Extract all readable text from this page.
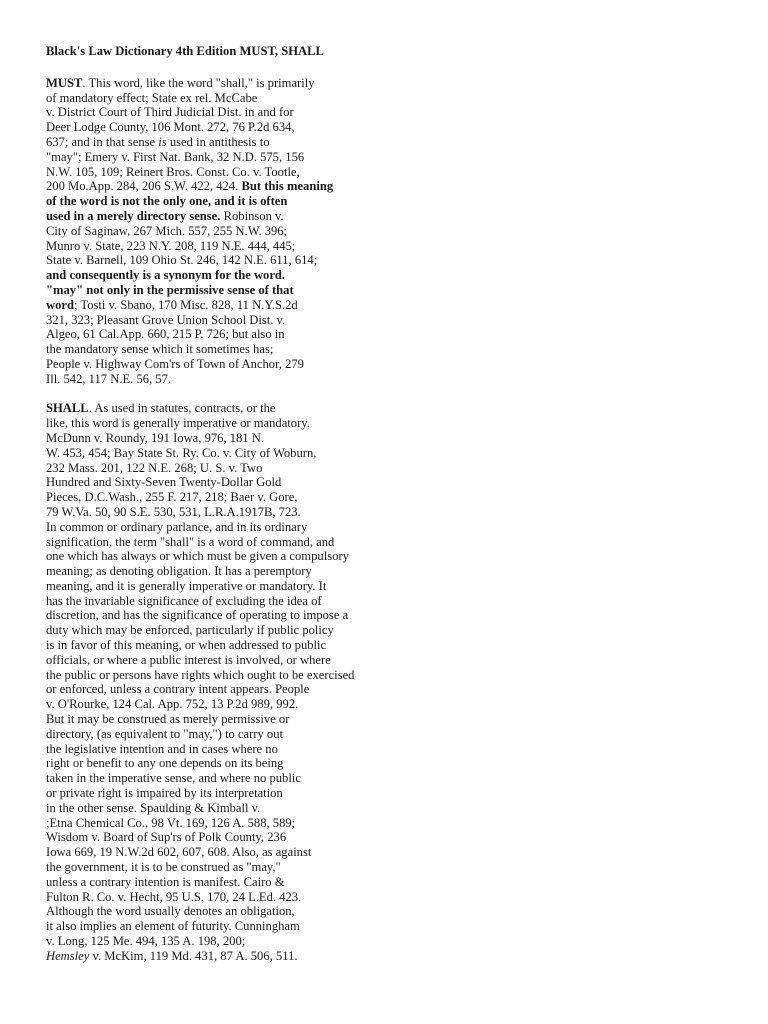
Black's Law Dictionary 4th Edition MUST, SHALL
MUST. This word, like the word "shall," is primarily
of mandatory effect; State ex rel. McCabe
v. District Court of Third Judicial Dist. in and for
Deer Lodge County, 106 Mont. 272, 76 P.2d 634,
637; and in that sense is used in antithesis to
"may"; Emery v. First Nat. Bank, 32 N.D. 575, 156
N.W. 105, 109; Reinert Bros. Const. Co. v. Tootle,
200 Mo.App. 284, 206 S.W. 422, 424. But this meaning
of the word is not the only one, and it is often
used in a merely directory sense. Robinson v.
City of Saginaw, 267 Mich. 557, 255 N.W. 396;
Munro v. State, 223 N.Y. 208, 119 N.E. 444, 445;
State v. Barnell, 109 Ohio St. 246, 142 N.E. 611, 614;
and consequently is a synonym for the word.
"may" not only in the permissive sense of that
word; Tosti v. Sbano, 170 Misc. 828, 11 N.Y.S.2d
321, 323; Pleasant Grove Union School Dist. v.
Algeo, 61 Cal.App. 660, 215 P. 726; but also in
the mandatory sense which it sometimes has;
People v. Highway Com'rs of Town of Anchor, 279
Ill. 542, 117 N.E. 56, 57.
SHALL. As used in statutes, contracts, or the
like, this word is generally imperative or mandatory.
McDunn v. Roundy, 191 Iowa, 976, 181 N.
W. 453, 454; Bay State St. Ry. Co. v. City of Woburn,
232 Mass. 201, 122 N.E. 268; U. S. v. Two
Hundred and Sixty-Seven Twenty-Dollar Gold
Pieces, D.C.Wash., 255 F. 217, 218; Baer v. Gore,
79 W.Va. 50, 90 S.E. 530, 531, L.R.A.1917B, 723.
In common or ordinary parlance, and in its ordinary
signification, the term "shall" is a word of command, and
one which has always or which must be given a compulsory
meaning; as denoting obligation. It has a peremptory
meaning, and it is generally imperative or mandatory. It
has the invariable significance of excluding the idea of
discretion, and has the significance of operating to impose a
duty which may be enforced, particularly if public policy
is in favor of this meaning, or when addressed to public
officials, or where a public interest is involved, or where
the public or persons have rights which ought to be exercised
or enforced, unless a contrary intent appears. People
v. O'Rourke, 124 Cal. App. 752, 13 P.2d 989, 992.
But it may be construed as merely permissive or
directory, (as equivalent to "may,") to carry out
the legislative intention and in cases where no
right or benefit to any one depends on its being
taken in the imperative sense, and where no public
or private right is impaired by its interpretation
in the other sense. Spaulding & Kimball v.
;Etna Chemical Co., 98 Vt. 169, 126 A. 588, 589;
Wisdom v. Board of Sup'rs of Polk County, 236
Iowa 669, 19 N.W.2d 602, 607, 608. Also, as against
the government, it is to be construed as "may,"
unless a contrary intention is manifest. Cairo &
Fulton R. Co. v. Hecht, 95 U.S. 170, 24 L.Ed. 423.
Although the word usually denotes an obligation,
it also implies an element of futurity. Cunningham
v. Long, 125 Me. 494, 135 A. 198, 200;
Hemsley v. McKim, 119 Md. 431, 87 A. 506, 511.
